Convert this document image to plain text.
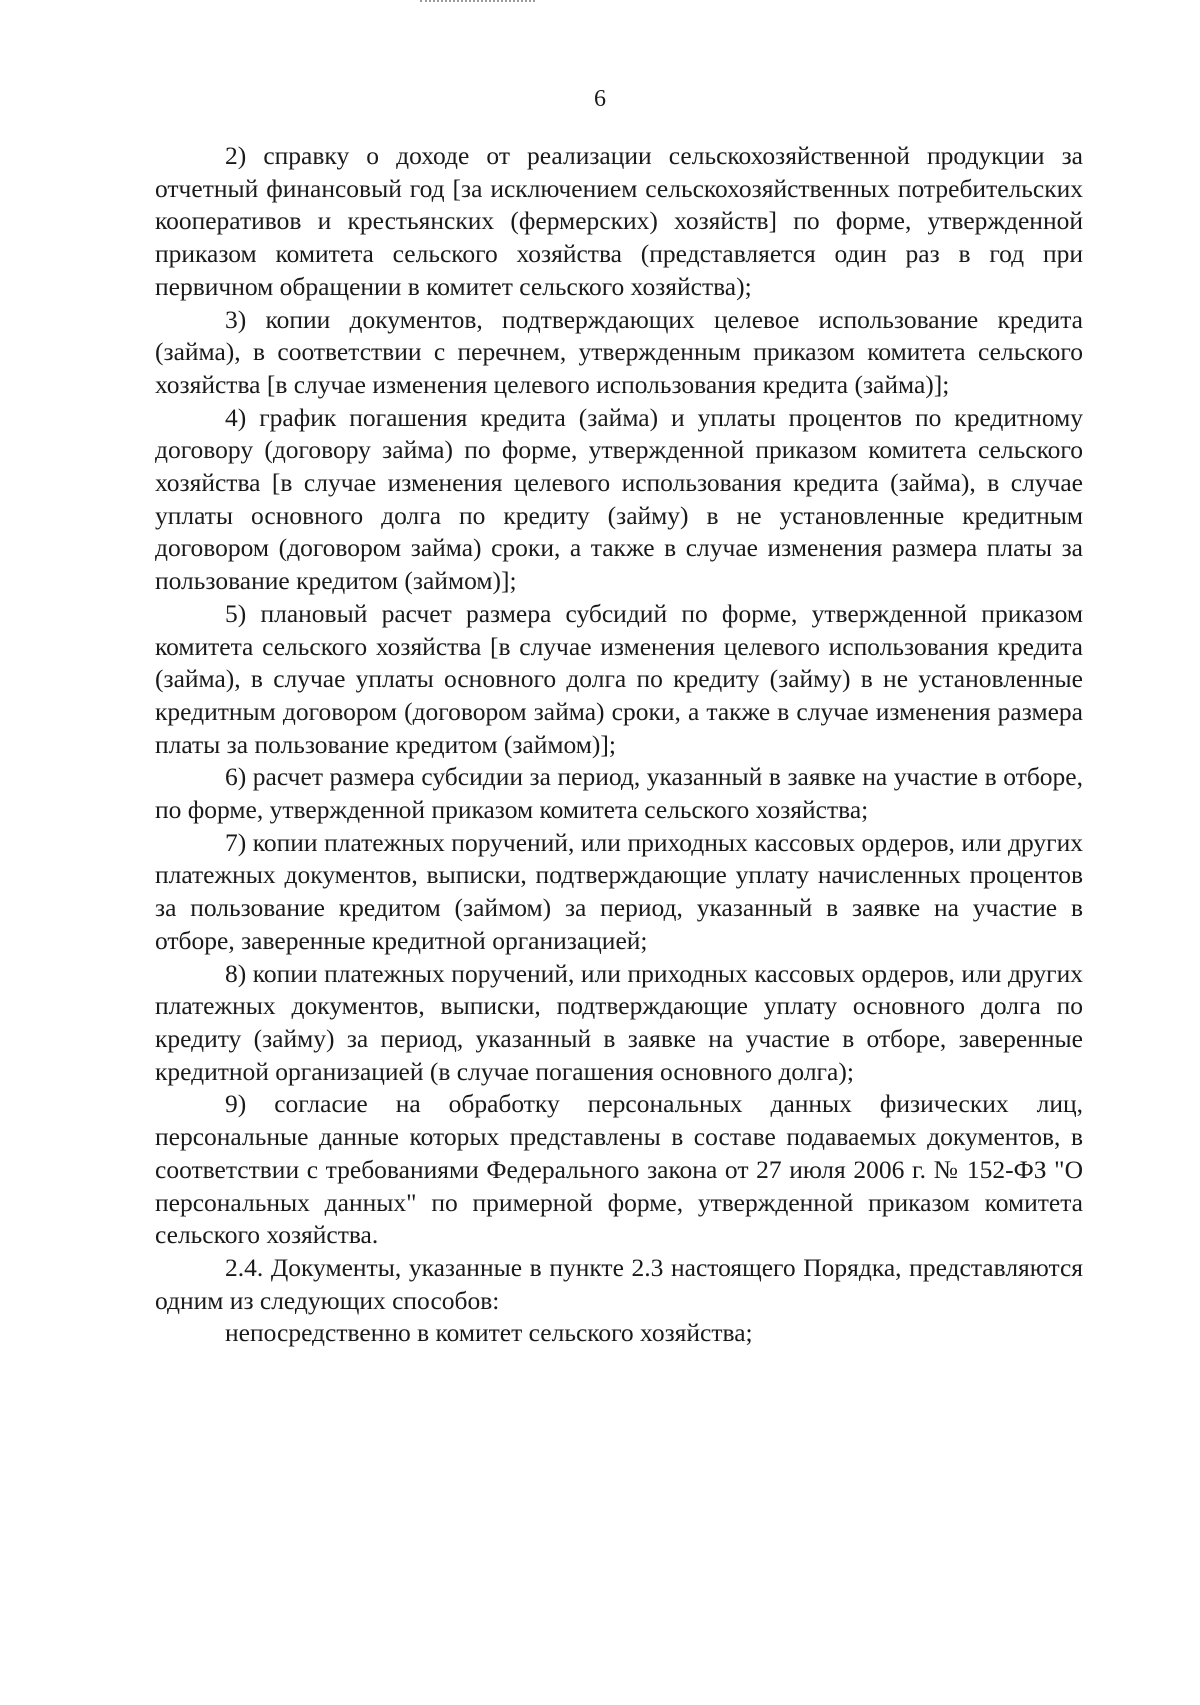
6

2) справку о доходе от реализации сельскохозяйственной продукции за отчетный финансовый год [за исключением сельскохозяйственных потребительских кооперативов и крестьянских (фермерских) хозяйств] по форме, утвержденной приказом комитета сельского хозяйства (представляется один раз в год при первичном обращении в комитет сельского хозяйства);

3) копии документов, подтверждающих целевое использование кредита (займа), в соответствии с перечнем, утвержденным приказом комитета сельского хозяйства [в случае изменения целевого использования кредита (займа)];

4) график погашения кредита (займа) и уплаты процентов по кредитному договору (договору займа) по форме, утвержденной приказом комитета сельского хозяйства [в случае изменения целевого использования кредита (займа), в случае уплаты основного долга по кредиту (займу) в не установленные кредитным договором (договором займа) сроки, а также в случае изменения размера платы за пользование кредитом (займом)];

5) плановый расчет размера субсидий по форме, утвержденной приказом комитета сельского хозяйства [в случае изменения целевого использования кредита (займа), в случае уплаты основного долга по кредиту (займу) в не установленные кредитным договором (договором займа) сроки, а также в случае изменения размера платы за пользование кредитом (займом)];

6) расчет размера субсидии за период, указанный в заявке на участие в отборе, по форме, утвержденной приказом комитета сельского хозяйства;

7) копии платежных поручений, или приходных кассовых ордеров, или других платежных документов, выписки, подтверждающие уплату начисленных процентов за пользование кредитом (займом) за период, указанный в заявке на участие в отборе, заверенные кредитной организацией;

8) копии платежных поручений, или приходных кассовых ордеров, или других платежных документов, выписки, подтверждающие уплату основного долга по кредиту (займу) за период, указанный в заявке на участие в отборе, заверенные кредитной организацией (в случае погашения основного долга);

9) согласие на обработку персональных данных физических лиц, персональные данные которых представлены в составе подаваемых документов, в соответствии с требованиями Федерального закона от 27 июля 2006 г. № 152-ФЗ "О персональных данных" по примерной форме, утвержденной приказом комитета сельского хозяйства.

2.4. Документы, указанные в пункте 2.3 настоящего Порядка, представляются одним из следующих способов:

непосредственно в комитет сельского хозяйства;
